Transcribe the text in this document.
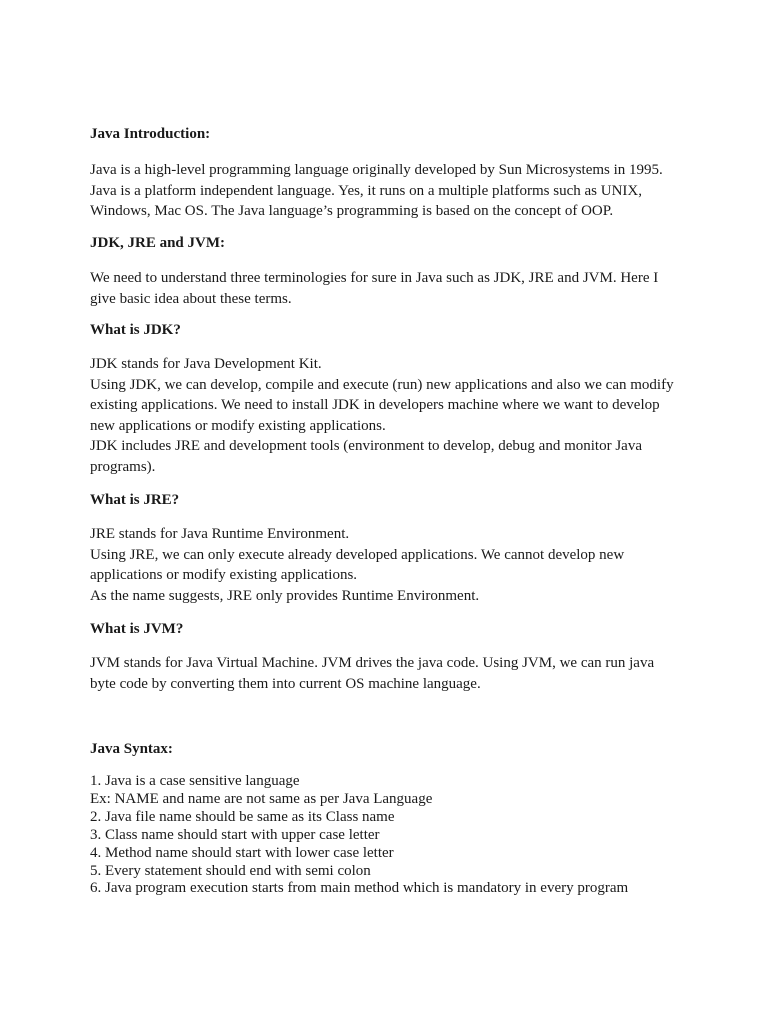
Java Introduction:
Java is a high-level programming language originally developed by Sun Microsystems in 1995.
Java is a platform independent language. Yes, it runs on a multiple platforms such as UNIX,
Windows, Mac OS. The Java language’s programming is based on the concept of OOP.
JDK, JRE and JVM:
We need to understand three terminologies for sure in Java such as JDK, JRE and JVM. Here I
give basic idea about these terms.
What is JDK?
JDK stands for Java Development Kit.
Using JDK, we can develop, compile and execute (run) new applications and also we can modify
existing applications. We need to install JDK in developers machine where we want to develop
new applications or modify existing applications.
JDK includes JRE and development tools (environment to develop, debug and monitor Java
programs).
What is JRE?
JRE stands for Java Runtime Environment.
Using JRE, we can only execute already developed applications. We cannot develop new
applications or modify existing applications.
As the name suggests, JRE only provides Runtime Environment.
What is JVM?
JVM stands for Java Virtual Machine. JVM drives the java code. Using JVM, we can run java
byte code by converting them into current OS machine language.
Java Syntax:
1. Java is a case sensitive language
Ex: NAME and name are not same as per Java Language
2. Java file name should be same as its Class name
3. Class name should start with upper case letter
4. Method name should start with lower case letter
5. Every statement should end with semi colon
6. Java program execution starts from main method which is mandatory in every program
